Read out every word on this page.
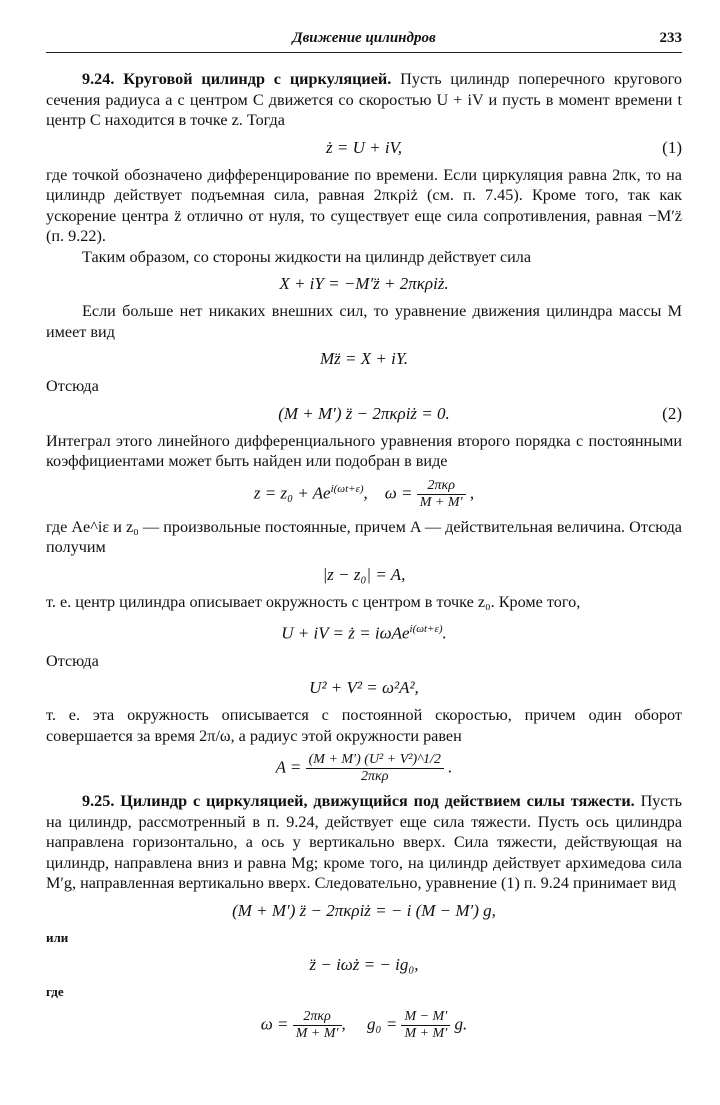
Движение цилиндров	233

9.24. Круговой цилиндр с циркуляцией. Пусть цилиндр поперечного кругового сечения радиуса a с центром C движется со скоростью U + iV и пусть в момент времени t центр C находится в точке z. Тогда

ż = U + iV,	(1)

где точкой обозначено дифференцирование по времени. Если циркуляция равна 2πκ, то на цилиндр действует подъемная сила, равная 2πκρiż (см. п. 7.45). Кроме того, так как ускорение центра z̈ отлично от нуля, то существует еще сила сопротивления, равная −M′z̈ (п. 9.22).

Таким образом, со стороны жидкости на цилиндр действует сила

X + iY = −M′z̈ + 2πκρiż.

Если больше нет никаких внешних сил, то уравнение движения цилиндра массы M имеет вид

Mz̈ = X + iY.

Отсюда

(M + M′) z̈ − 2πκρiż = 0.	(2)

Интеграл этого линейного дифференциального уравнения второго порядка с постоянными коэффициентами может быть найден или подобран в виде

$z = z_0 + Ae^{i(\omega t+\varepsilon)}$,    $\omega = \frac{\text{2πκρ}}{M + M'}$ ,

где Ae^iε и z₀ — произвольные постоянные, причем A — действительная величина. Отсюда получим

|z − z₀| = A,

т. е. центр цилиндра описывает окружность с центром в точке z₀. Кроме того,

U + iV = ż = iωAe$^{i(\omega t+\varepsilon)}$.

Отсюда

U² + V² = ω²A²,

т. е. эта окружность описывается с постоянной скоростью, причем один оборот совершается за время 2π/ω, а радиус этой окружности равен

$A = \frac{\text{(M + M′) (U² + V²)\textasciicircum{}1/2}}{\text{2πκρ}}$ .

9.25. Цилиндр с циркуляцией, движущийся под действием силы тяжести. Пусть на цилиндр, рассмотренный в п. 9.24, действует еще сила тяжести. Пусть ось цилиндра направлена горизонтально, а ось y вертикально вверх. Сила тяжести, действующая на цилиндр, направлена вниз и равна Mg; кроме того, на цилиндр действует архимедова сила M′g, направленная вертикально вверх. Следовательно, уравнение (1) п. 9.24 принимает вид

(M + M′) z̈ − 2πκρiż = − i (M − M′) g,

или

z̈ − iωż = − ig₀,

где

$\omega = \frac{\text{2πκρ}}{M + M'}$ ,     $g_0 = \frac{M - M'}{M + M'} g$.
